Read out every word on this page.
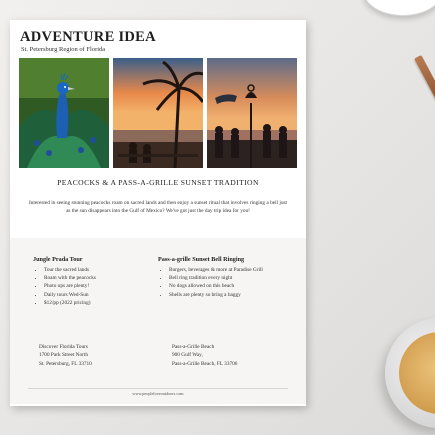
ADVENTURE IDEA

St. Petersburg Region of Florida

PEACOCKS & A PASS-A-GRILLE SUNSET TRADITION

Interested in seeing stunning peacocks roam on sacred lands and then enjoy a sunset ritual that involves ringing a bell just as the sun disappears into the Gulf of Mexico? We've got just the day trip idea for you!

Jungle Prada Tour
• Tour the sacred lands
• Roam with the peacocks
• Photo ops are plenty!
• Daily tours Wed-Sun
• $12/pp (2022 pricing)
Pass-a-grille Sunset Bell Ringing
• Burgers, beverages & more at Paradise Grill
• Bell ring tradition every night
• No dogs allowed on this beach
• Shells are plenty so bring a baggy
Discover Florida Tours
1700 Park Street North
St. Petersburg, FL 33710
Pass-a-Grille Beach
900 Gulf Way,
Pass-a-Grille Beach, FL 33706

www.peopleloveoutdoors.com
